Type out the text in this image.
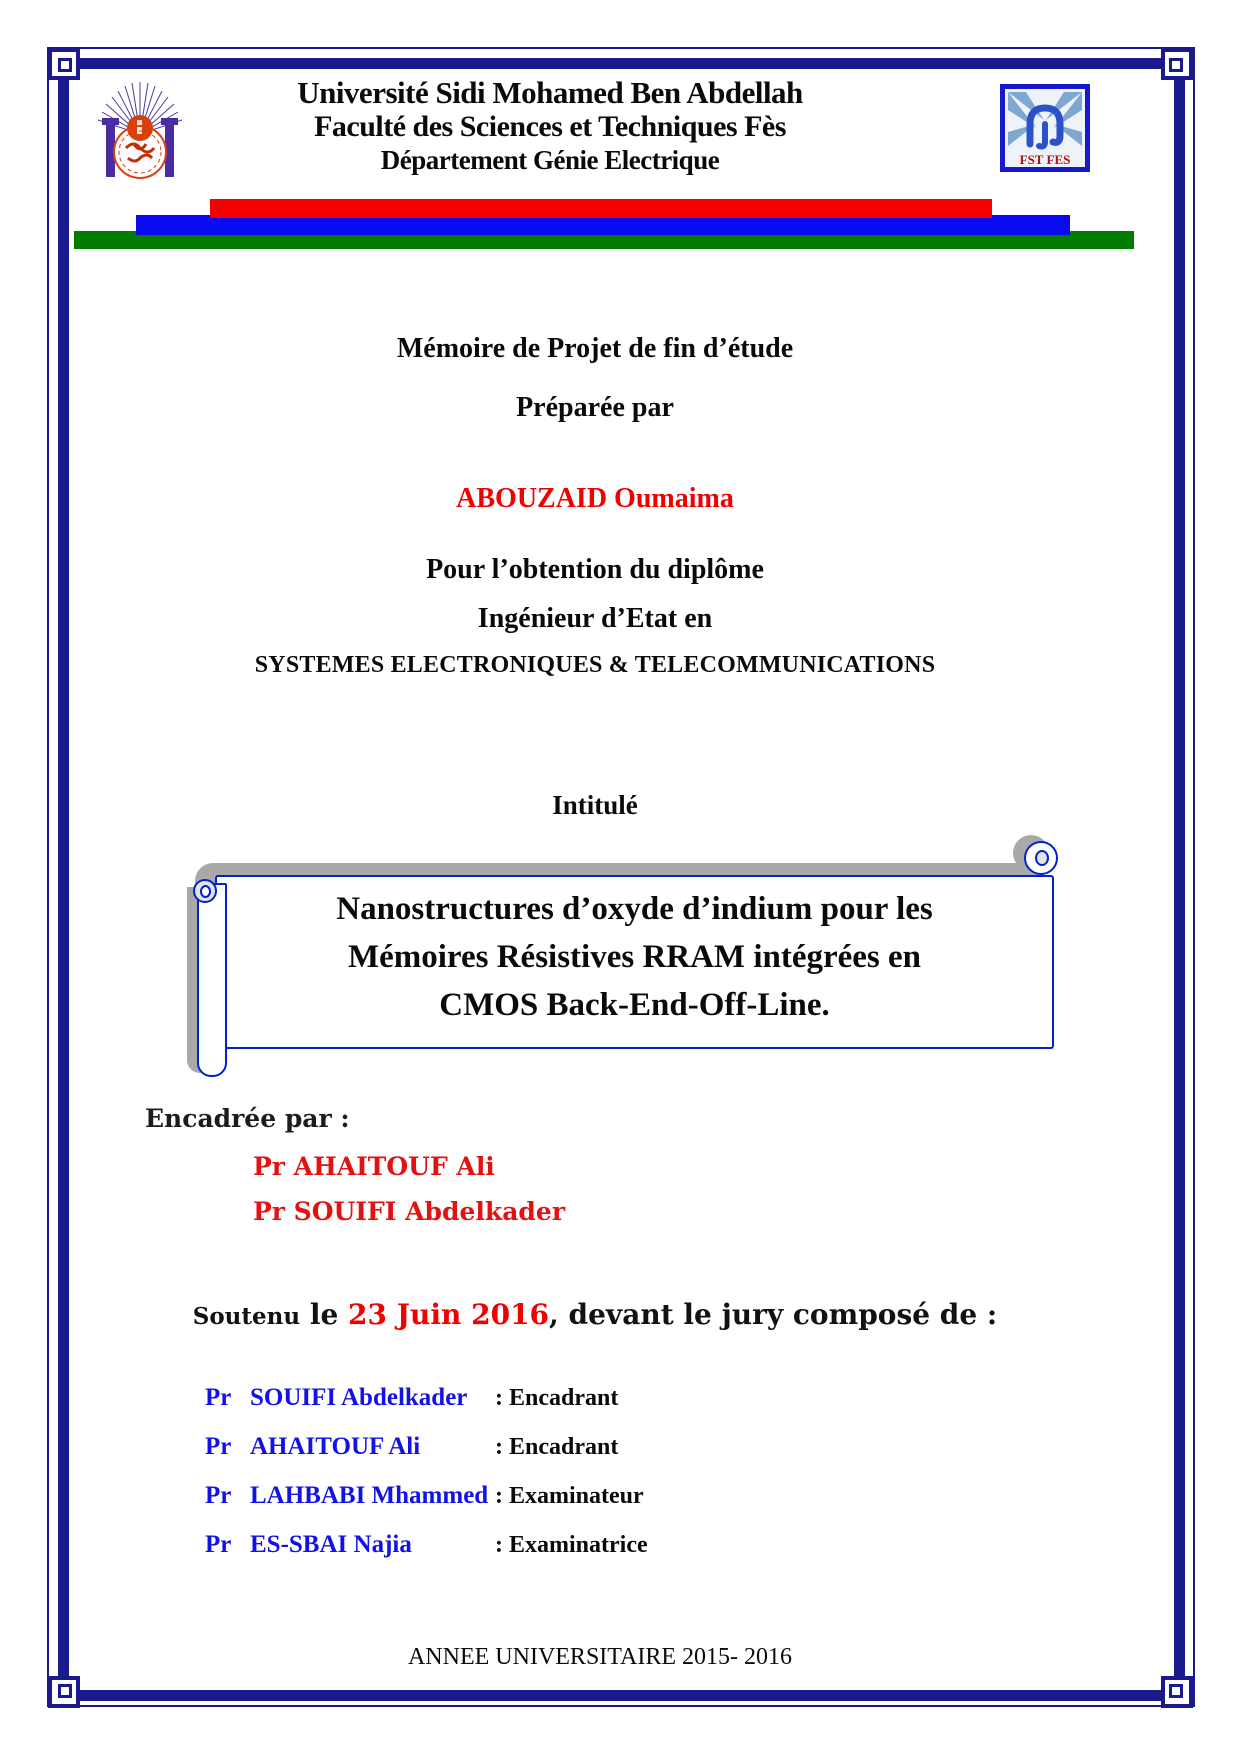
FST FES
Université Sidi Mohamed Ben Abdellah
Faculté des Sciences et Techniques Fès
Département Génie Electrique
Mémoire de Projet de fin d’étude
Préparée par
ABOUZAID Oumaima
Pour l’obtention du diplôme
Ingénieur d’Etat en
SYSTEMES ELECTRONIQUES & TELECOMMUNICATIONS
Intitulé
Soutenu le 23 Juin 2016, devant le jury composé de :
Nanostructures d’oxyde d’indium pour les
Mémoires Résistives RRAM intégrées en
CMOS Back-End-Off-Line.
Encadrée par :
Pr AHAITOUF Ali
Pr SOUIFI Abdelkader
Pr SOUIFI Abdelkader : Encadrant
Pr AHAITOUF Ali	: Encadrant
Pr LAHBABI Mhammed : Examinateur
Pr ES-SBAI Najia	: Examinatrice
ANNEE UNIVERSITAIRE 2015- 2016
